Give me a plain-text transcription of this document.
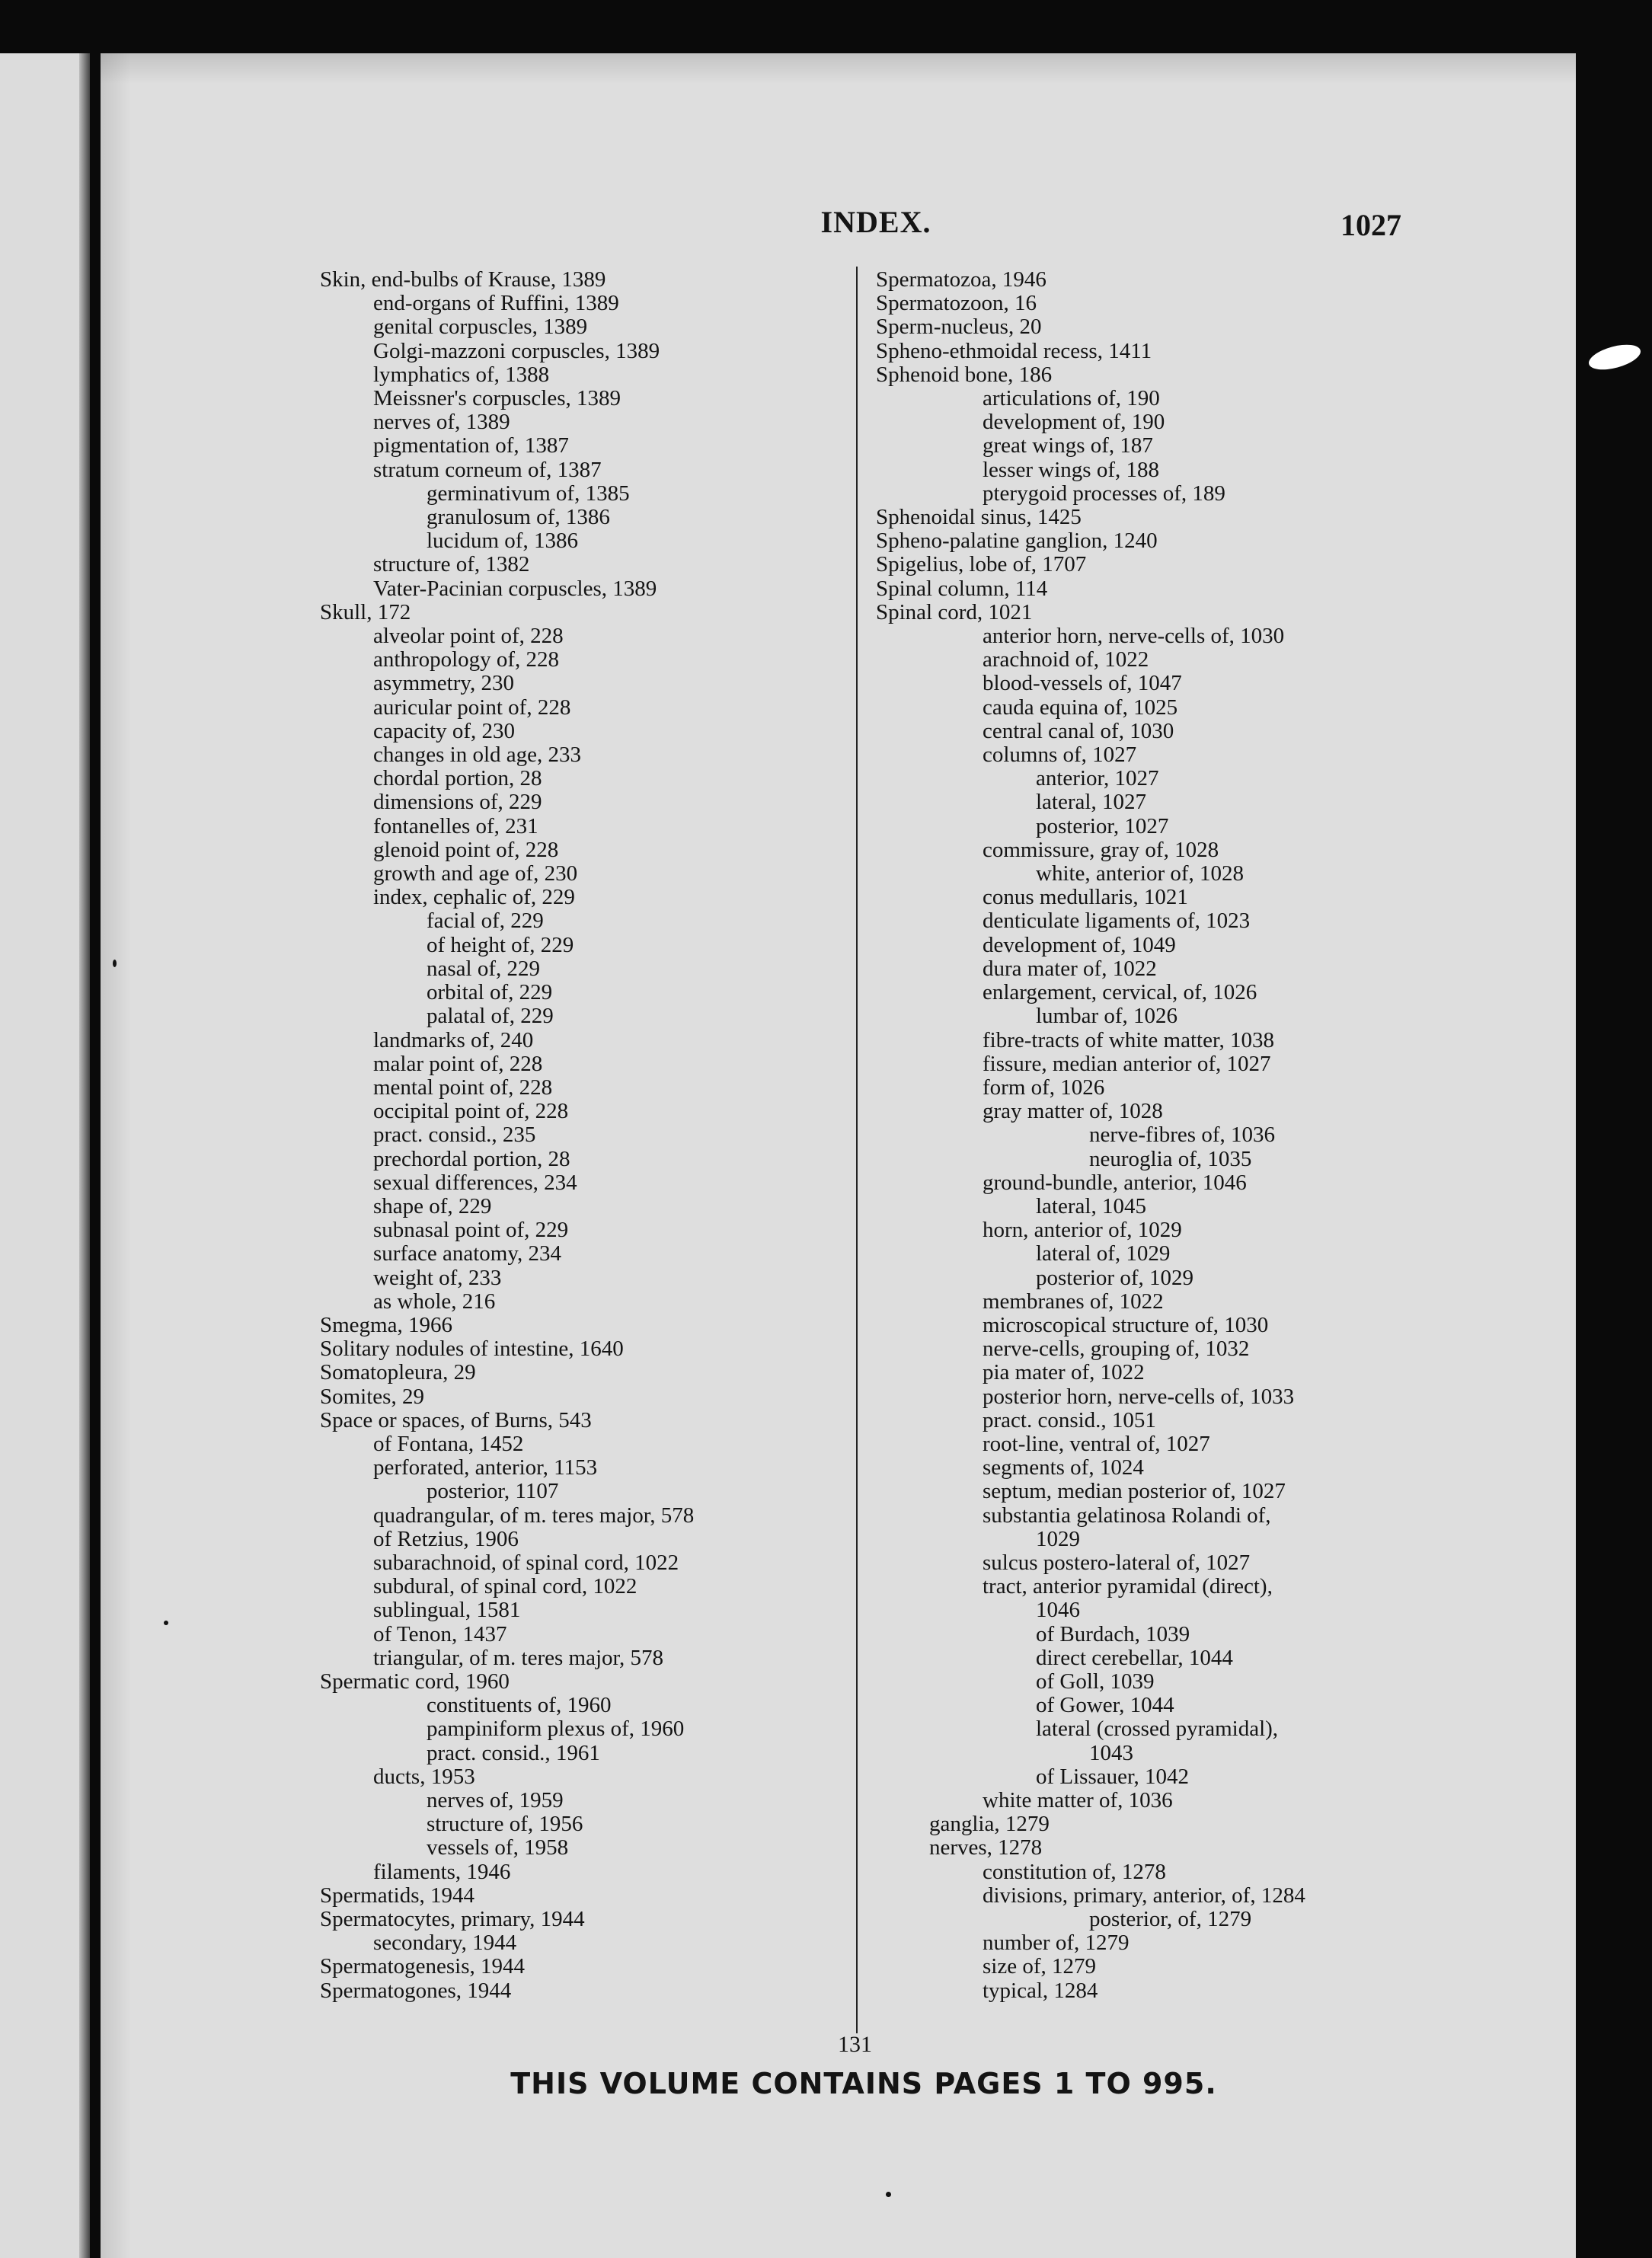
INDEX.	1027
Skin, end-bulbs of Krause, 1389
end-organs of Ruffini, 1389
genital corpuscles, 1389
Golgi-mazzoni corpuscles, 1389
lymphatics of, 1388
Meissner's corpuscles, 1389
nerves of, 1389
pigmentation of, 1387
stratum corneum of, 1387
germinativum of, 1385
granulosum of, 1386
lucidum of, 1386
structure of, 1382
Vater-Pacinian corpuscles, 1389
Skull, 172
alveolar point of, 228
anthropology of, 228
asymmetry, 230
auricular point of, 228
capacity of, 230
changes in old age, 233
chordal portion, 28
dimensions of, 229
fontanelles of, 231
glenoid point of, 228
growth and age of, 230
index, cephalic of, 229
facial of, 229
of height of, 229
nasal of, 229
orbital of, 229
palatal of, 229
landmarks of, 240
malar point of, 228
mental point of, 228
occipital point of, 228
pract. consid., 235
prechordal portion, 28
sexual differences, 234
shape of, 229
subnasal point of, 229
surface anatomy, 234
weight of, 233
as whole, 216
Smegma, 1966
Solitary nodules of intestine, 1640
Somatopleura, 29
Somites, 29
Space or spaces, of Burns, 543
of Fontana, 1452
perforated, anterior, 1153
posterior, 1107
quadrangular, of m. teres major, 578
of Retzius, 1906
subarachnoid, of spinal cord, 1022
subdural, of spinal cord, 1022
sublingual, 1581
of Tenon, 1437
triangular, of m. teres major, 578
Spermatic cord, 1960
constituents of, 1960
pampiniform plexus of, 1960
pract. consid., 1961
ducts, 1953
nerves of, 1959
structure of, 1956
vessels of, 1958
filaments, 1946
Spermatids, 1944
Spermatocytes, primary, 1944
secondary, 1944
Spermatogenesis, 1944
Spermatogones, 1944
Spermatozoa, 1946
Spermatozoon, 16
Sperm-nucleus, 20
Spheno-ethmoidal recess, 1411
Sphenoid bone, 186
articulations of, 190
development of, 190
great wings of, 187
lesser wings of, 188
pterygoid processes of, 189
Sphenoidal sinus, 1425
Spheno-palatine ganglion, 1240
Spigelius, lobe of, 1707
Spinal column, 114
Spinal cord, 1021
anterior horn, nerve-cells of, 1030
arachnoid of, 1022
blood-vessels of, 1047
cauda equina of, 1025
central canal of, 1030
columns of, 1027
anterior, 1027
lateral, 1027
posterior, 1027
commissure, gray of, 1028
white, anterior of, 1028
conus medullaris, 1021
denticulate ligaments of, 1023
development of, 1049
dura mater of, 1022
enlargement, cervical, of, 1026
lumbar of, 1026
fibre-tracts of white matter, 1038
fissure, median anterior of, 1027
form of, 1026
gray matter of, 1028
nerve-fibres of, 1036
neuroglia of, 1035
ground-bundle, anterior, 1046
lateral, 1045
horn, anterior of, 1029
lateral of, 1029
posterior of, 1029
membranes of, 1022
microscopical structure of, 1030
nerve-cells, grouping of, 1032
pia mater of, 1022
posterior horn, nerve-cells of, 1033
pract. consid., 1051
root-line, ventral of, 1027
segments of, 1024
septum, median posterior of, 1027
substantia gelatinosa Rolandi of,
1029
sulcus postero-lateral of, 1027
tract, anterior pyramidal (direct),
1046
of Burdach, 1039
direct cerebellar, 1044
of Goll, 1039
of Gower, 1044
lateral (crossed pyramidal),
1043
of Lissauer, 1042
white matter of, 1036
ganglia, 1279
nerves, 1278
constitution of, 1278
divisions, primary, anterior, of, 1284
posterior, of, 1279
number of, 1279
size of, 1279
typical, 1284
131
THIS VOLUME CONTAINS PAGES 1 TO 995.
